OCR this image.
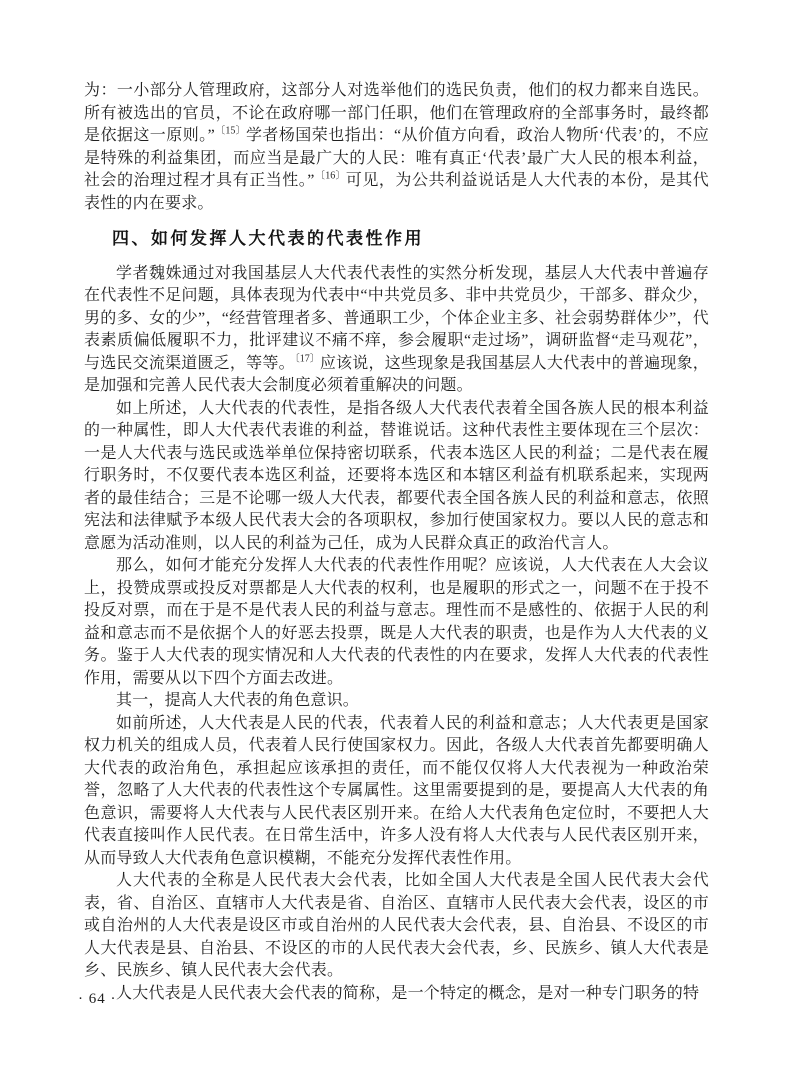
为：一小部分人管理政府，这部分人对选举他们的选民负责，他们的权力都来自选民。所有被选出的官员，不论在政府哪一部门任职，他们在管理政府的全部事务时，最终都是依据这一原则。”$^{〔15〕}$学者杨国荣也指出：“从价值方向看，政治人物所‘代表’的，不应是特殊的利益集团，而应当是最广大的人民：唯有真正‘代表’最广大人民的根本利益，社会的治理过程才具有正当性。”$^{〔16〕}$可见，为公共利益说话是人大代表的本份，是其代表性的内在要求。

四、如何发挥人大代表的代表性作用

学者魏姝通过对我国基层人大代表代表性的实然分析发现，基层人大代表中普遍存在代表性不足问题，具体表现为代表中“中共党员多、非中共党员少，干部多、群众少，男的多、女的少”，“经营管理者多、普通职工少，个体企业主多、社会弱势群体少”，代表素质偏低履职不力，批评建议不痛不痒，参会履职“走过场”，调研监督“走马观花”，与选民交流渠道匮乏，等等。$^{〔17〕}$应该说，这些现象是我国基层人大代表中的普遍现象，是加强和完善人民代表大会制度必须着重解决的问题。

如上所述，人大代表的代表性，是指各级人大代表代表着全国各族人民的根本利益的一种属性，即人大代表代表谁的利益，替谁说话。这种代表性主要体现在三个层次：一是人大代表与选民或选举单位保持密切联系，代表本选区人民的利益；二是代表在履行职务时，不仅要代表本选区利益，还要将本选区和本辖区利益有机联系起来，实现两者的最佳结合；三是不论哪一级人大代表，都要代表全国各族人民的利益和意志，依照宪法和法律赋予本级人民代表大会的各项职权，参加行使国家权力。要以人民的意志和意愿为活动准则，以人民的利益为己任，成为人民群众真正的政治代言人。

那么，如何才能充分发挥人大代表的代表性作用呢？应该说，人大代表在人大会议上，投赞成票或投反对票都是人大代表的权利，也是履职的形式之一，问题不在于投不投反对票，而在于是不是代表人民的利益与意志。理性而不是感性的、依据于人民的利益和意志而不是依据个人的好恶去投票，既是人大代表的职责，也是作为人大代表的义务。鉴于人大代表的现实情况和人大代表的代表性的内在要求，发挥人大代表的代表性作用，需要从以下四个方面去改进。

其一，提高人大代表的角色意识。

如前所述，人大代表是人民的代表，代表着人民的利益和意志；人大代表更是国家权力机关的组成人员，代表着人民行使国家权力。因此，各级人大代表首先都要明确人大代表的政治角色，承担起应该承担的责任，而不能仅仅将人大代表视为一种政治荣誉，忽略了人大代表的代表性这个专属属性。这里需要提到的是，要提高人大代表的角色意识，需要将人大代表与人民代表区别开来。在给人大代表角色定位时，不要把人大代表直接叫作人民代表。在日常生活中，许多人没有将人大代表与人民代表区别开来，从而导致人大代表角色意识模糊，不能充分发挥代表性作用。

人大代表的全称是人民代表大会代表，比如全国人大代表是全国人民代表大会代表，省、自治区、直辖市人大代表是省、自治区、直辖市人民代表大会代表，设区的市或自治州的人大代表是设区市或自治州的人民代表大会代表，县、自治县、不设区的市人大代表是县、自治县、不设区的市的人民代表大会代表，乡、民族乡、镇人大代表是乡、民族乡、镇人民代表大会代表。

人大代表是人民代表大会代表的简称，是一个特定的概念，是对一种专门职务的特

· 64 ·
